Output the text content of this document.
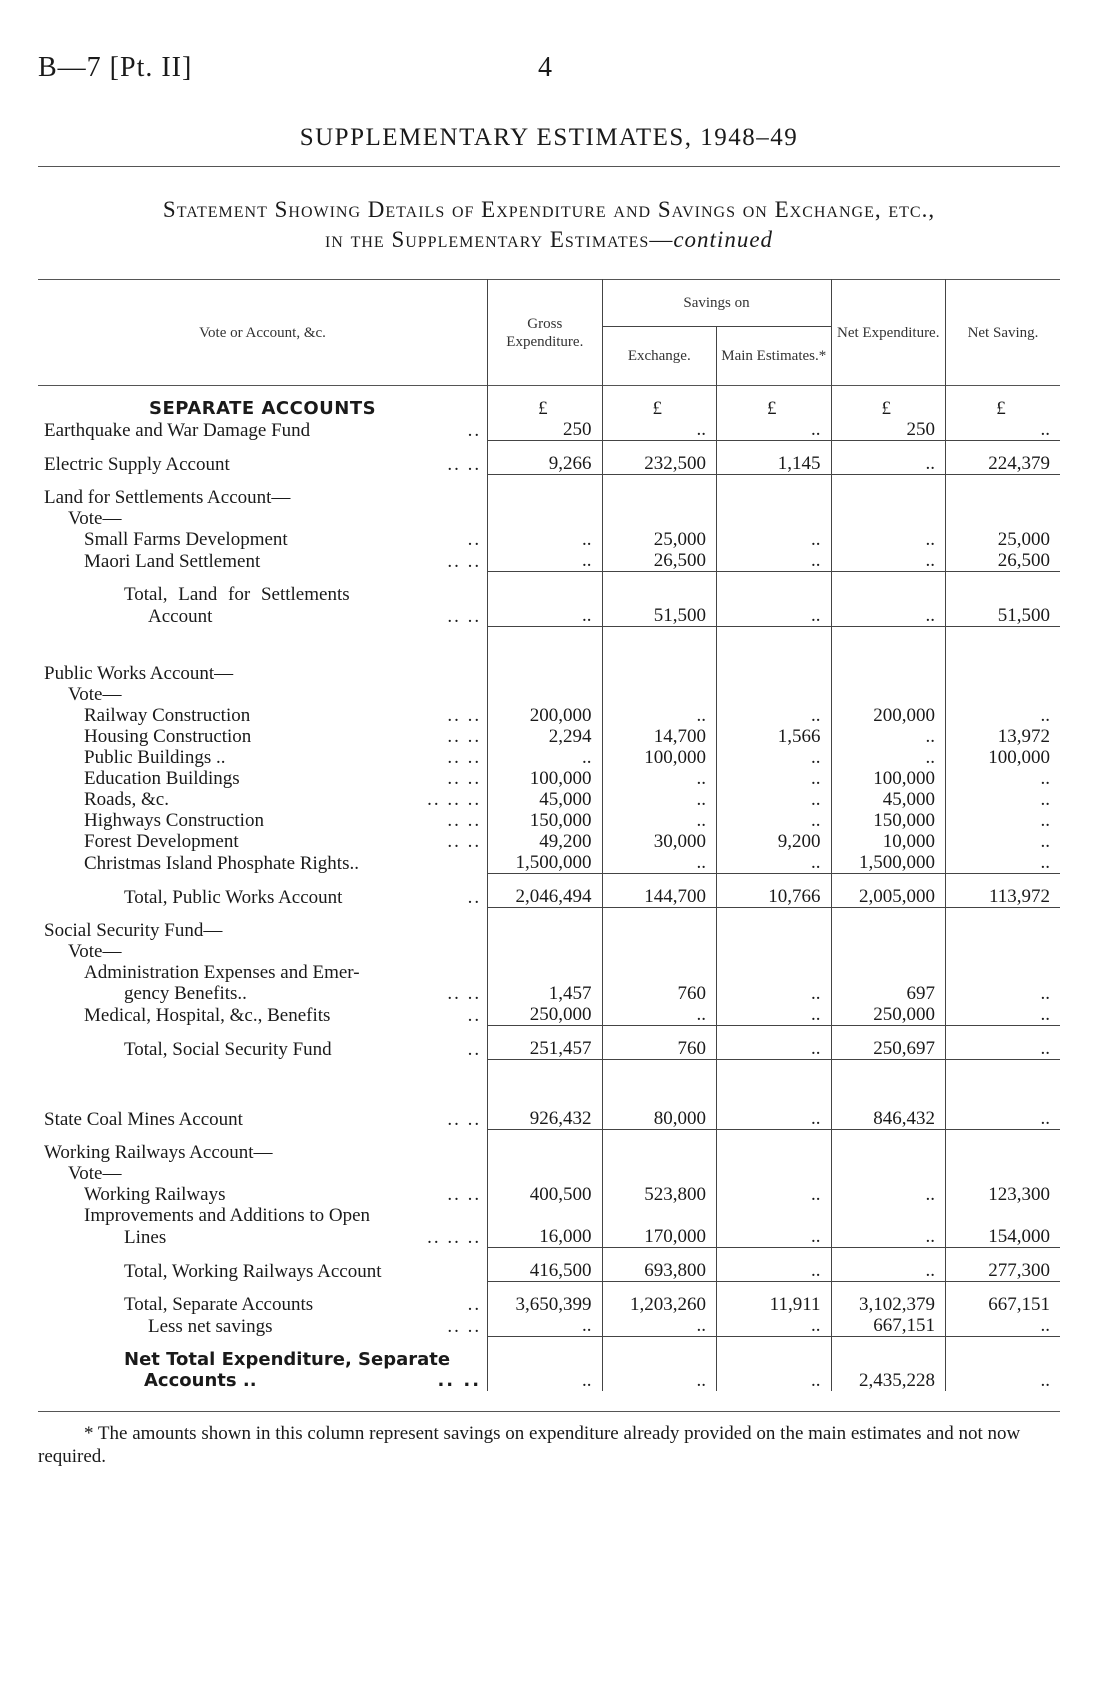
B—7 [Pt. II]	4
SUPPLEMENTARY ESTIMATES, 1948–49
Statement Showing Details of Expenditure and Savings on Exchange, etc.,
in the Supplementary Estimates—continued
Vote or Account, &c.	Gross Expenditure.	Savings on		Net Expenditure.	Net Saving.
		Exchange.	Main Estimates.*		

SEPARATE ACCOUNTS	£	£	£	£	£
Earthquake and War Damage Fund ..	250	..	..	250	..

Electric Supply Account .. ..	9,266	232,500	1,145	..	224,379

Land for Settlements Account—					
Vote—					
Small Farms Development ..	..	25,000	..	..	25,000
Maori Land Settlement .. ..	..	26,500	..	..	26,500

Total, Land for Settlements					
Account .. ..	..	51,500	..	..	51,500

Public Works Account—					
Vote—					
Railway Construction .. ..	200,000	..	..	200,000	..
Housing Construction .. ..	2,294	14,700	1,566	..	13,972
Public Buildings .. .. ..	..	100,000	..	..	100,000
Education Buildings .. ..	100,000	..	..	100,000	..
Roads, &c. .. .. ..	45,000	..	..	45,000	..
Highways Construction .. ..	150,000	..	..	150,000	..
Forest Development .. ..	49,200	30,000	9,200	10,000	..
Christmas Island Phosphate Rights..	1,500,000	..	..	1,500,000	..

Total, Public Works Account ..	2,046,494	144,700	10,766	2,005,000	113,972

Social Security Fund—					
Vote—					
Administration Expenses and Emer-					
gency Benefits.. .. ..	1,457	760	..	697	..
Medical, Hospital, &c., Benefits ..	250,000	..	..	250,000	..

Total, Social Security Fund ..	251,457	760	..	250,697	..

State Coal Mines Account .. ..	926,432	80,000	..	846,432	..

Working Railways Account—					
Vote—					
Working Railways .. ..	400,500	523,800	..	..	123,300
Improvements and Additions to Open					
Lines .. .. ..	16,000	170,000	..	..	154,000

Total, Working Railways Account	416,500	693,800	..	..	277,300

Total, Separate Accounts ..	3,650,399	1,203,260	11,911	3,102,379	667,151
Less net savings .. ..	..	..	..	667,151	..

Net Total Expenditure, Separate					
Accounts .. .. ..	..	..	..	2,435,228	..
* The amounts shown in this column represent savings on expenditure already provided on the main estimates and not now required.
